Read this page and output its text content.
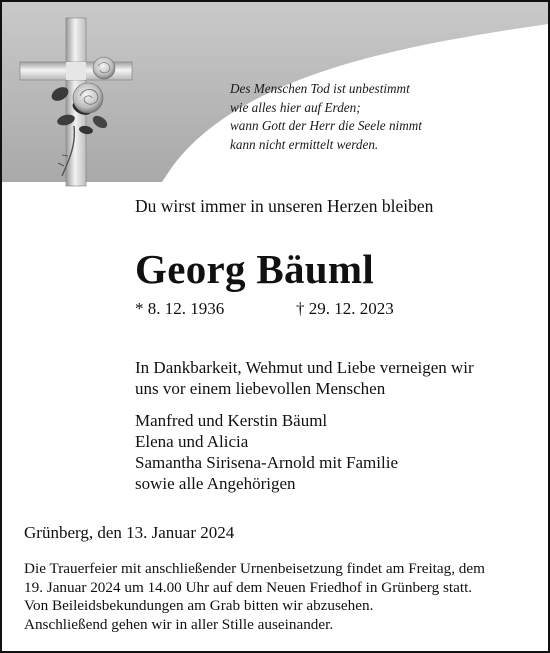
Des Menschen Tod ist unbestimmt
wie alles hier auf Erden;
wann Gott der Herr die Seele nimmt
kann nicht ermittelt werden.
Du wirst immer in unseren Herzen bleiben
Georg Bäuml
* 8. 12. 1936	† 29. 12. 2023
In Dankbarkeit, Wehmut und Liebe verneigen wir
uns vor einem liebevollen Menschen
Manfred und Kerstin Bäuml
Elena und Alicia
Samantha Sirisena-Arnold mit Familie
sowie alle Angehörigen
Grünberg, den 13. Januar 2024
Die Trauerfeier mit anschließender Urnenbeisetzung findet am Freitag, dem
19. Januar 2024 um 14.00 Uhr auf dem Neuen Friedhof in Grünberg statt.
Von Beileidsbekundungen am Grab bitten wir abzusehen.
Anschließend gehen wir in aller Stille auseinander.
